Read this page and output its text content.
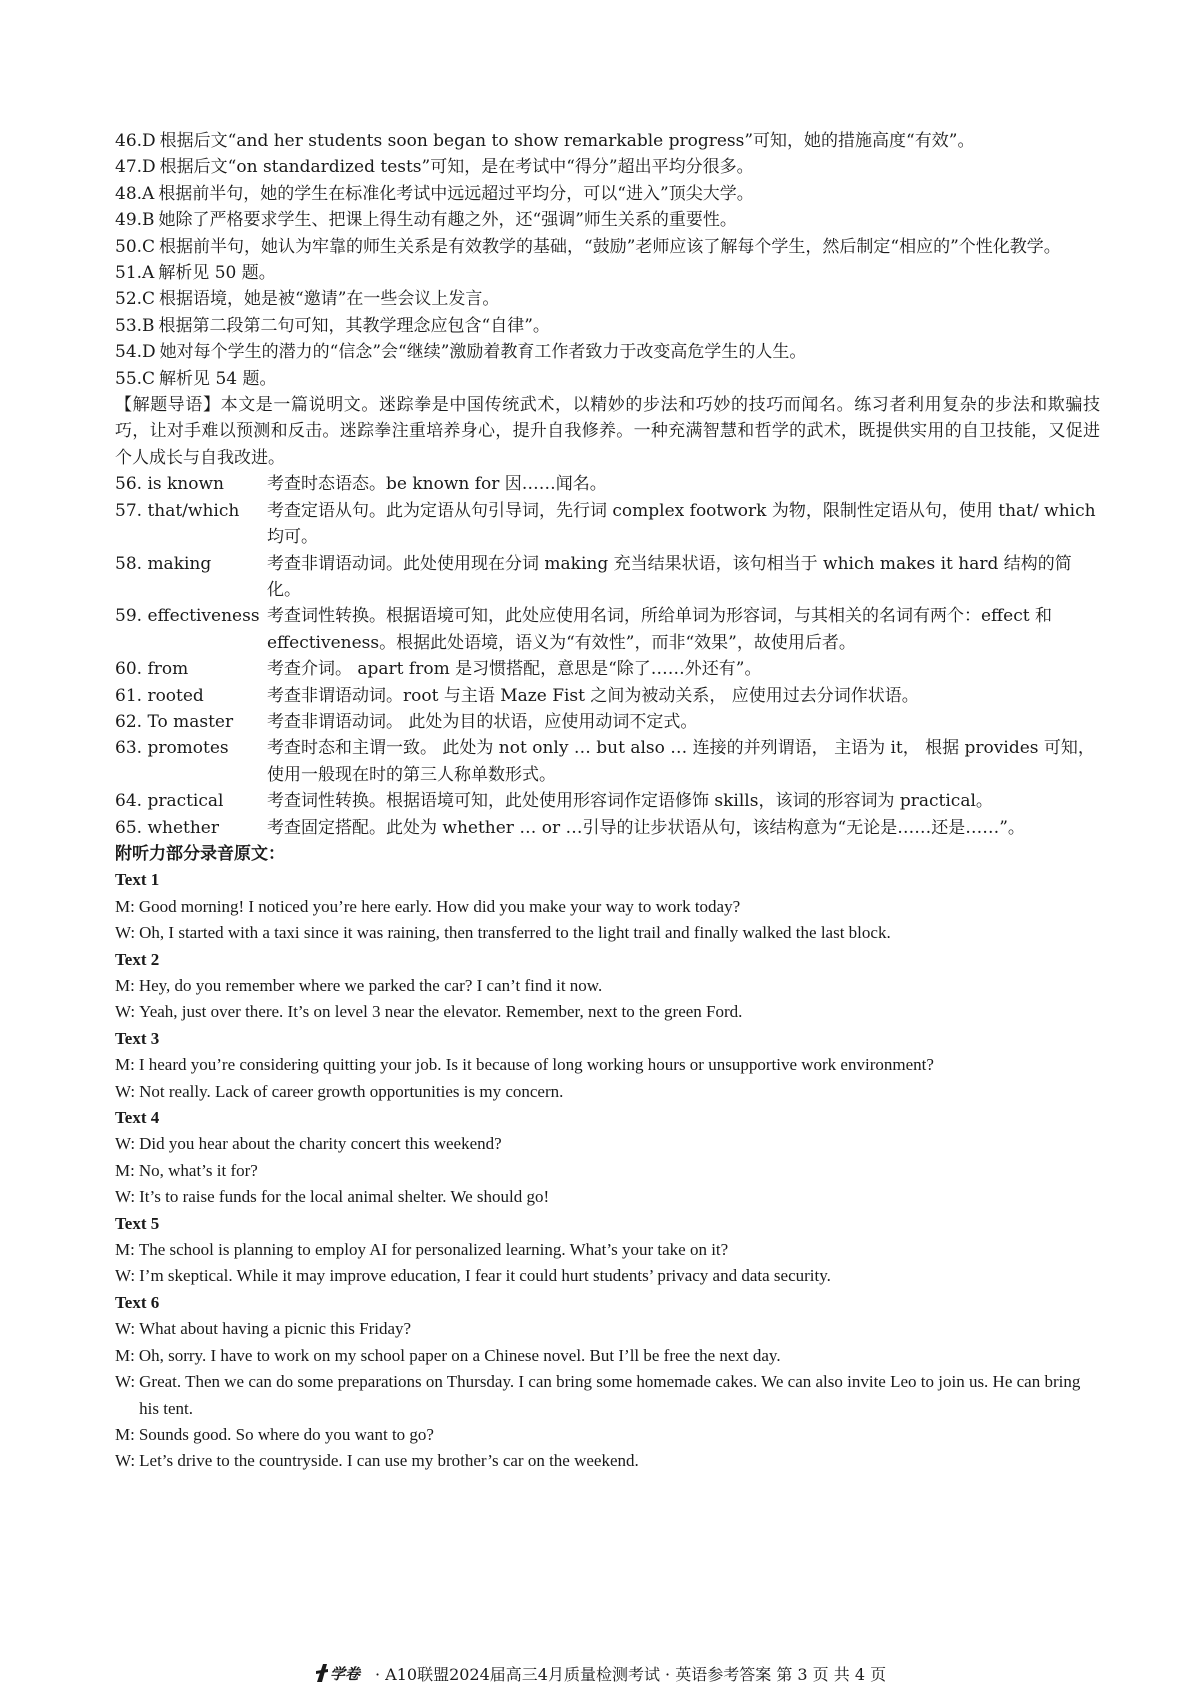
46.D 根据后文“and her students soon began to show remarkable progress”可知，她的措施高度“有效”。
47.D 根据后文“on standardized tests”可知，是在考试中“得分”超出平均分很多。
48.A 根据前半句，她的学生在标准化考试中远远超过平均分，可以“进入”顶尖大学。
49.B 她除了严格要求学生、把课上得生动有趣之外，还“强调”师生关系的重要性。
50.C 根据前半句，她认为牢靠的师生关系是有效教学的基础，“鼓励”老师应该了解每个学生，然后制定“相应的”个性化教学。
51.A 解析见 50 题。
52.C 根据语境，她是被“邀请”在一些会议上发言。
53.B 根据第二段第二句可知，其教学理念应包含“自律”。
54.D 她对每个学生的潜力的“信念”会“继续”激励着教育工作者致力于改变高危学生的人生。
55.C 解析见 54 题。
【解题导语】本文是一篇说明文。迷踪拳是中国传统武术，以精妙的步法和巧妙的技巧而闻名。练习者利用复杂的步法和欺骗技巧，让对手难以预测和反击。迷踪拳注重培养身心，提升自我修养。一种充满智慧和哲学的武术，既提供实用的自卫技能，又促进个人成长与自我改进。
56. is known	考查时态语态。be known for 因……闻名。
57. that/which	考查定语从句。此为定语从句引导词，先行词 complex footwork 为物，限制性定语从句，使用 that/ which 均可。
58. making	考查非谓语动词。此处使用现在分词 making 充当结果状语，该句相当于 which makes it hard 结构的简化。
59. effectiveness 考查词性转换。根据语境可知，此处应使用名词，所给单词为形容词，与其相关的名词有两个：effect 和 effectiveness。根据此处语境，语义为“有效性”，而非“效果”，故使用后者。
60. from	考查介词。 apart from 是习惯搭配，意思是“除了……外还有”。
61. rooted	考查非谓语动词。root 与主语 Maze Fist 之间为被动关系， 应使用过去分词作状语。
62. To master	考查非谓语动词。 此处为目的状语，应使用动词不定式。
63. promotes	考查时态和主谓一致。 此处为 not only … but also … 连接的并列谓语， 主语为 it， 根据 provides 可知，使用一般现在时的第三人称单数形式。
64. practical	考查词性转换。根据语境可知，此处使用形容词作定语修饰 skills，该词的形容词为 practical。
65. whether	考查固定搭配。此处为 whether … or …引导的让步状语从句，该结构意为“无论是……还是……”。
附听力部分录音原文：
Text 1
M: Good morning! I noticed you’re here early. How did you make your way to work today?
W: Oh, I started with a taxi since it was raining, then transferred to the light trail and finally walked the last block.
Text 2
M: Hey, do you remember where we parked the car? I can’t find it now.
W: Yeah, just over there. It’s on level 3 near the elevator. Remember, next to the green Ford.
Text 3
M: I heard you’re considering quitting your job. Is it because of long working hours or unsupportive work environment?
W: Not really. Lack of career growth opportunities is my concern.
Text 4
W: Did you hear about the charity concert this weekend?
M: No, what’s it for?
W: It’s to raise funds for the local animal shelter. We should go!
Text 5
M: The school is planning to employ AI for personalized learning. What’s your take on it?
W: I’m skeptical. While it may improve education, I fear it could hurt students’ privacy and data security.
Text 6
W: What about having a picnic this Friday?
M: Oh, sorry. I have to work on my school paper on a Chinese novel. But I’ll be free the next day.
W: Great. Then we can do some preparations on Thursday. I can bring some homemade cakes. We can also invite Leo to join us. He can bring his tent.
M: Sounds good. So where do you want to go?
W: Let’s drive to the countryside. I can use my brother’s car on the weekend.
学卷 · A10联盟2024届高三4月质量检测考试 · 英语参考答案 第 3 页 共 4 页
